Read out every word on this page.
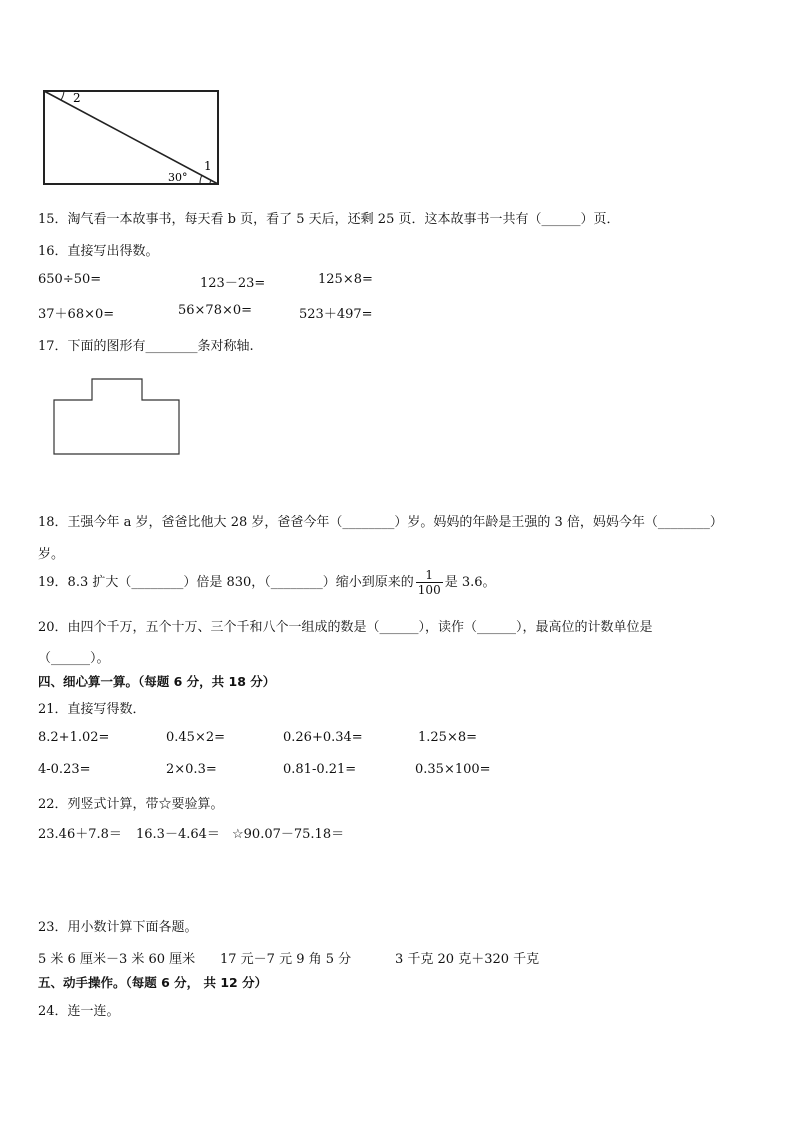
2
1
30°
15．淘气看一本故事书，每天看 b 页，看了 5 天后，还剩 25 页．这本故事书一共有（______）页．
16．直接写出得数。
650÷50=	123－23=	125×8=
37＋68×0=	56×78×0=	523＋497=
17．下面的图形有________条对称轴.
18．王强今年 a 岁，爸爸比他大 28 岁，爸爸今年（________）岁。妈妈的年龄是王强的 3 倍，妈妈今年（________）
岁。
19．8.3 扩大（________）倍是 830，（________）缩小到原来的 $\frac{1}{100}$ 是 3.6。
20．由四个千万，五个十万、三个千和八个一组成的数是（______），读作（______），最高位的计数单位是
（______）。
四、细心算一算。（每题 6 分，共 18 分）
21．直接写得数．
8.2+1.02=	0.45×2=	0.26+0.34=	1.25×8=
4-0.23=	2×0.3=	0.81-0.21=	0.35×100=
22．列竖式计算，带☆要验算。
23.46＋7.8＝ 16.3－4.64＝ ☆90.07－75.18＝
23．用小数计算下面各题。
5 米 6 厘米－3 米 60 厘米 17 元－7 元 9 角 5 分	3 千克 20 克＋320 千克
五、动手操作。（每题 6 分， 共 12 分）
24．连一连。
